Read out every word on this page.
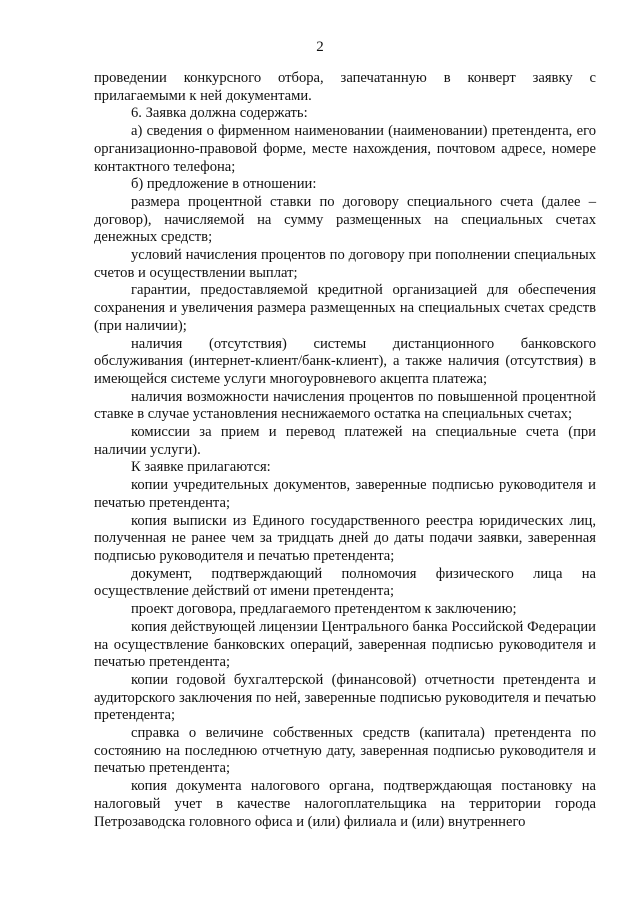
2

проведении конкурсного отбора, запечатанную в конверт заявку с прилагаемыми к ней документами.

6. Заявка должна содержать:

а) сведения о фирменном наименовании (наименовании) претендента, его организационно-правовой форме, месте нахождения, почтовом адресе, номере контактного телефона;

б) предложение в отношении:

размера процентной ставки по договору специального счета (далее – договор), начисляемой на сумму размещенных на специальных счетах денежных средств;

условий начисления процентов по договору при пополнении специальных счетов и осуществлении выплат;

гарантии, предоставляемой кредитной организацией для обеспечения сохранения и увеличения размера размещенных на специальных счетах средств (при наличии);

наличия (отсутствия) системы дистанционного банковского обслуживания (интернет-клиент/банк-клиент), а также наличия (отсутствия) в имеющейся системе услуги многоуровневого акцепта платежа;

наличия возможности начисления процентов по повышенной процентной ставке в случае установления неснижаемого остатка на специальных счетах;

комиссии за прием и перевод платежей на специальные счета (при наличии услуги).

К заявке прилагаются:

копии учредительных документов, заверенные подписью руководителя и печатью претендента;

копия выписки из Единого государственного реестра юридических лиц, полученная не ранее чем за тридцать дней до даты подачи заявки, заверенная подписью руководителя и печатью претендента;

документ, подтверждающий полномочия физического лица на осуществление действий от имени претендента;

проект договора, предлагаемого претендентом к заключению;

копия действующей лицензии Центрального банка Российской Федерации на осуществление банковских операций, заверенная подписью руководителя и печатью претендента;

копии годовой бухгалтерской (финансовой) отчетности претендента и аудиторского заключения по ней, заверенные подписью руководителя и печатью претендента;

справка о величине собственных средств (капитала) претендента по состоянию на последнюю отчетную дату, заверенная подписью руководителя и печатью претендента;

копия документа налогового органа, подтверждающая постановку на налоговый учет в качестве налогоплательщика на территории города Петрозаводска головного офиса и (или) филиала и (или) внутреннего
